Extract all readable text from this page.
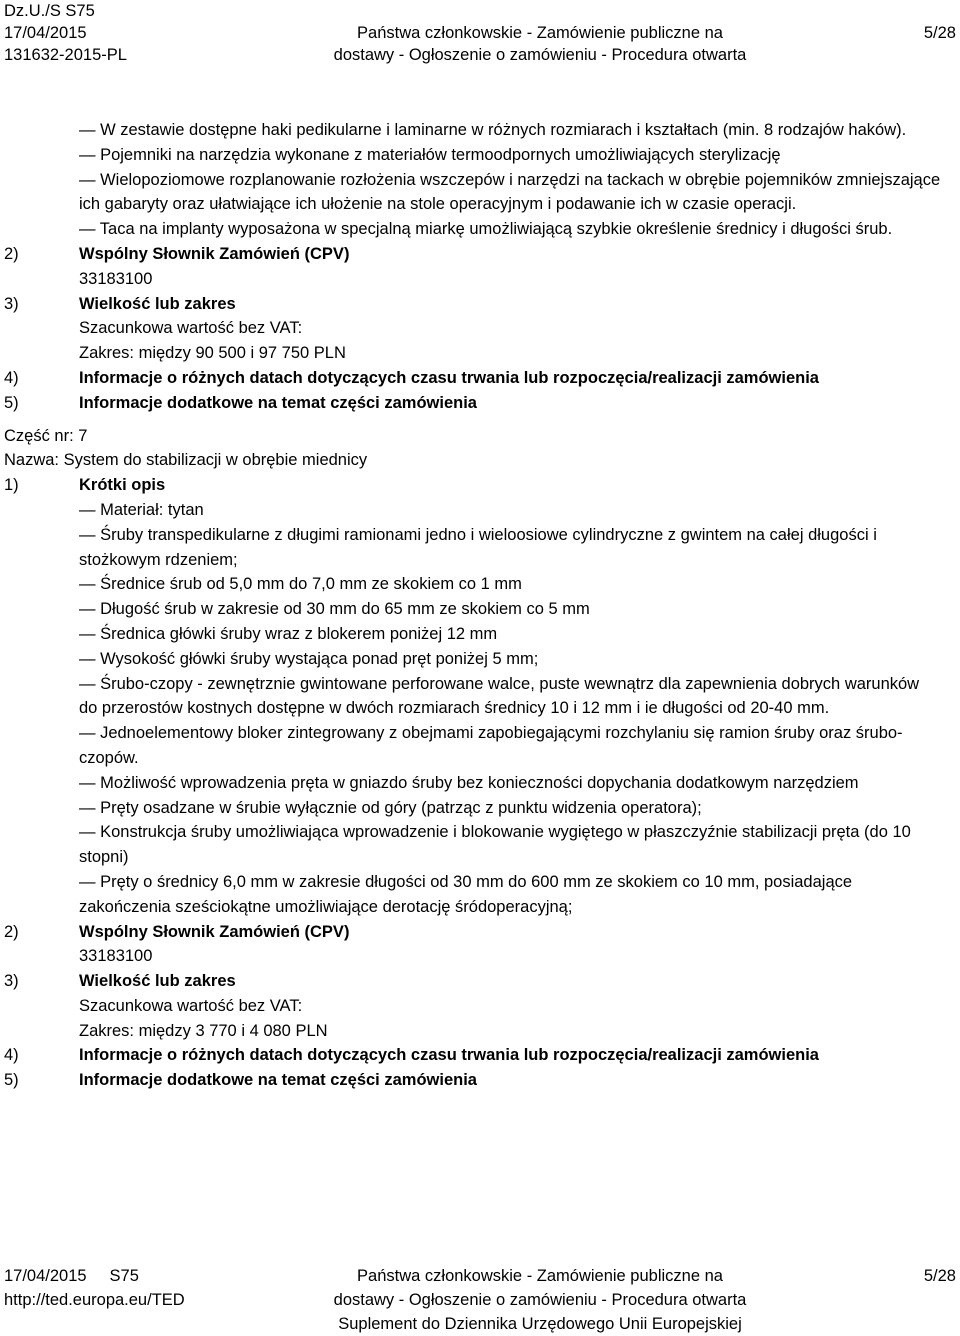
Dz.U./S S75
17/04/2015
131632-2015-PL
Państwa członkowskie - Zamówienie publiczne na
dostawy - Ogłoszenie o zamówieniu - Procedura otwarta
5/28

— W zestawie dostępne haki pedikularne i laminarne w różnych rozmiarach i kształtach (min. 8 rodzajów haków).

— Pojemniki na narzędzia wykonane z materiałów termoodpornych umożliwiających sterylizację

— Wielopoziomowe rozplanowanie rozłożenia wszczepów i narzędzi na tackach w obrębie pojemników zmniejszające ich gabaryty oraz ułatwiające ich ułożenie na stole operacyjnym i podawanie ich w czasie operacji.

— Taca na implanty wyposażona w specjalną miarkę umożliwiającą szybkie określenie średnicy i długości śrub.

2)	Wspólny Słownik Zamówień (CPV)
33183100
3)	Wielkość lub zakres
Szacunkowa wartość bez VAT:
Zakres: między 90 500 i 97 750 PLN
4)	Informacje o różnych datach dotyczących czasu trwania lub rozpoczęcia/realizacji zamówienia
5)	Informacje dodatkowe na temat części zamówienia
Część nr: 7
Nazwa: System do stabilizacji w obrębie miednicy
1)	Krótki opis

— Materiał: tytan

— Śruby transpedikularne z długimi ramionami jedno i wieloosiowe cylindryczne z gwintem na całej długości i stożkowym rdzeniem;

— Średnice śrub od 5,0 mm do 7,0 mm ze skokiem co 1 mm

— Długość śrub w zakresie od 30 mm do 65 mm ze skokiem co 5 mm

— Średnica główki śruby wraz z blokerem poniżej 12 mm

— Wysokość główki śruby wystająca ponad pręt poniżej 5 mm;

— Śrubo-czopy - zewnętrznie gwintowane perforowane walce, puste wewnątrz dla zapewnienia dobrych warunków do przerostów kostnych dostępne w dwóch rozmiarach średnicy 10 i 12 mm i ie długości od 20-40 mm.

— Jednoelementowy bloker zintegrowany z obejmami zapobiegającymi rozchylaniu się ramion śruby oraz śrubo-czopów.

— Możliwość wprowadzenia pręta w gniazdo śruby bez konieczności dopychania dodatkowym narzędziem

— Pręty osadzane w śrubie wyłącznie od góry (patrząc z punktu widzenia operatora);

— Konstrukcja śruby umożliwiająca wprowadzenie i blokowanie wygiętego w płaszczyźnie stabilizacji pręta (do 10 stopni)

— Pręty o średnicy 6,0 mm w zakresie długości od 30 mm do 600 mm ze skokiem co 10 mm, posiadające zakończenia sześciokątne umożliwiające derotację śródoperacyjną;

2)	Wspólny Słownik Zamówień (CPV)
33183100
3)	Wielkość lub zakres
Szacunkowa wartość bez VAT:
Zakres: między 3 770 i 4 080 PLN
4)	Informacje o różnych datach dotyczących czasu trwania lub rozpoczęcia/realizacji zamówienia
5)	Informacje dodatkowe na temat części zamówienia
17/04/2015 S75
http://ted.europa.eu/TED
Państwa członkowskie - Zamówienie publiczne na
dostawy - Ogłoszenie o zamówieniu - Procedura otwarta
Suplement do Dziennika Urzędowego Unii Europejskiej
5/28
